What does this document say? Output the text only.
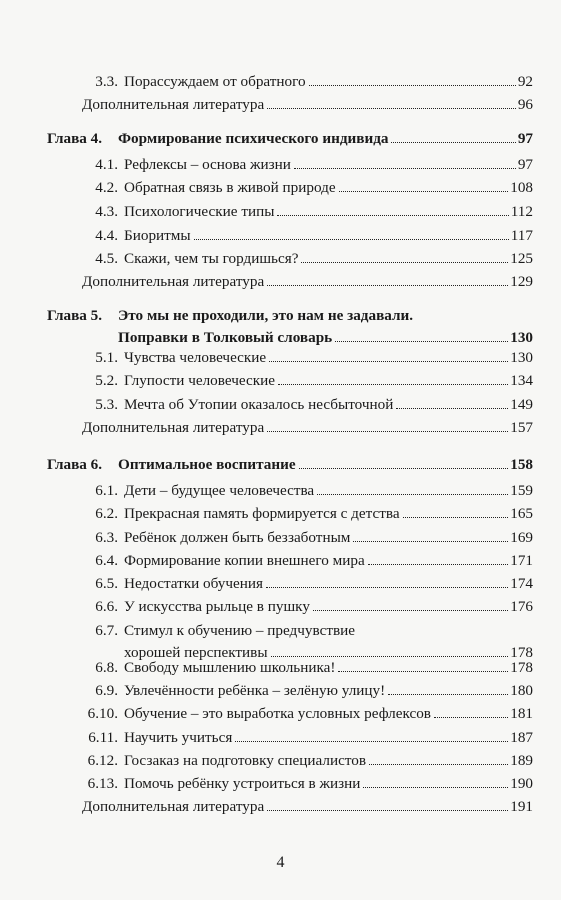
3.3. Порассуждаем от обратного	92
Дополнительная литература	96
Глава 4.	Формирование психического индивида	97
4.1. Рефлексы – основа жизни	97
4.2. Обратная связь в живой природе	108
4.3. Психологические типы	112
4.4. Биоритмы	117
4.5. Скажи, чем ты гордишься?	125
Дополнительная литература	129
Глава 5. Это мы не проходили, это нам не задавали.
Поправки в Толковый словарь	130
5.1. Чувства человеческие	130
5.2. Глупости человеческие	134
5.3. Мечта об Утопии оказалось несбыточной	149
Дополнительная литература	157
Глава 6.	Оптимальное воспитание	158
6.1. Дети – будущее человечества	159
6.2. Прекрасная память формируется с детства	165
6.3. Ребёнок должен быть беззаботным	169
6.4. Формирование копии внешнего мира	171
6.5. Недостатки обучения	174
6.6. У искусства рыльце в пушку	176
6.7. Стимул к обучению – предчувствие
хорошей перспективы	178
6.8. Свободу мышлению школьника!	178
6.9. Увлечённости ребёнка – зелёную улицу!	180
6.10. Обучение – это выработка условных рефлексов	181
6.11. Научить учиться	187
6.12. Госзаказ на подготовку специалистов	189
6.13. Помочь ребёнку устроиться в жизни	190
Дополнительная литература	191
4
